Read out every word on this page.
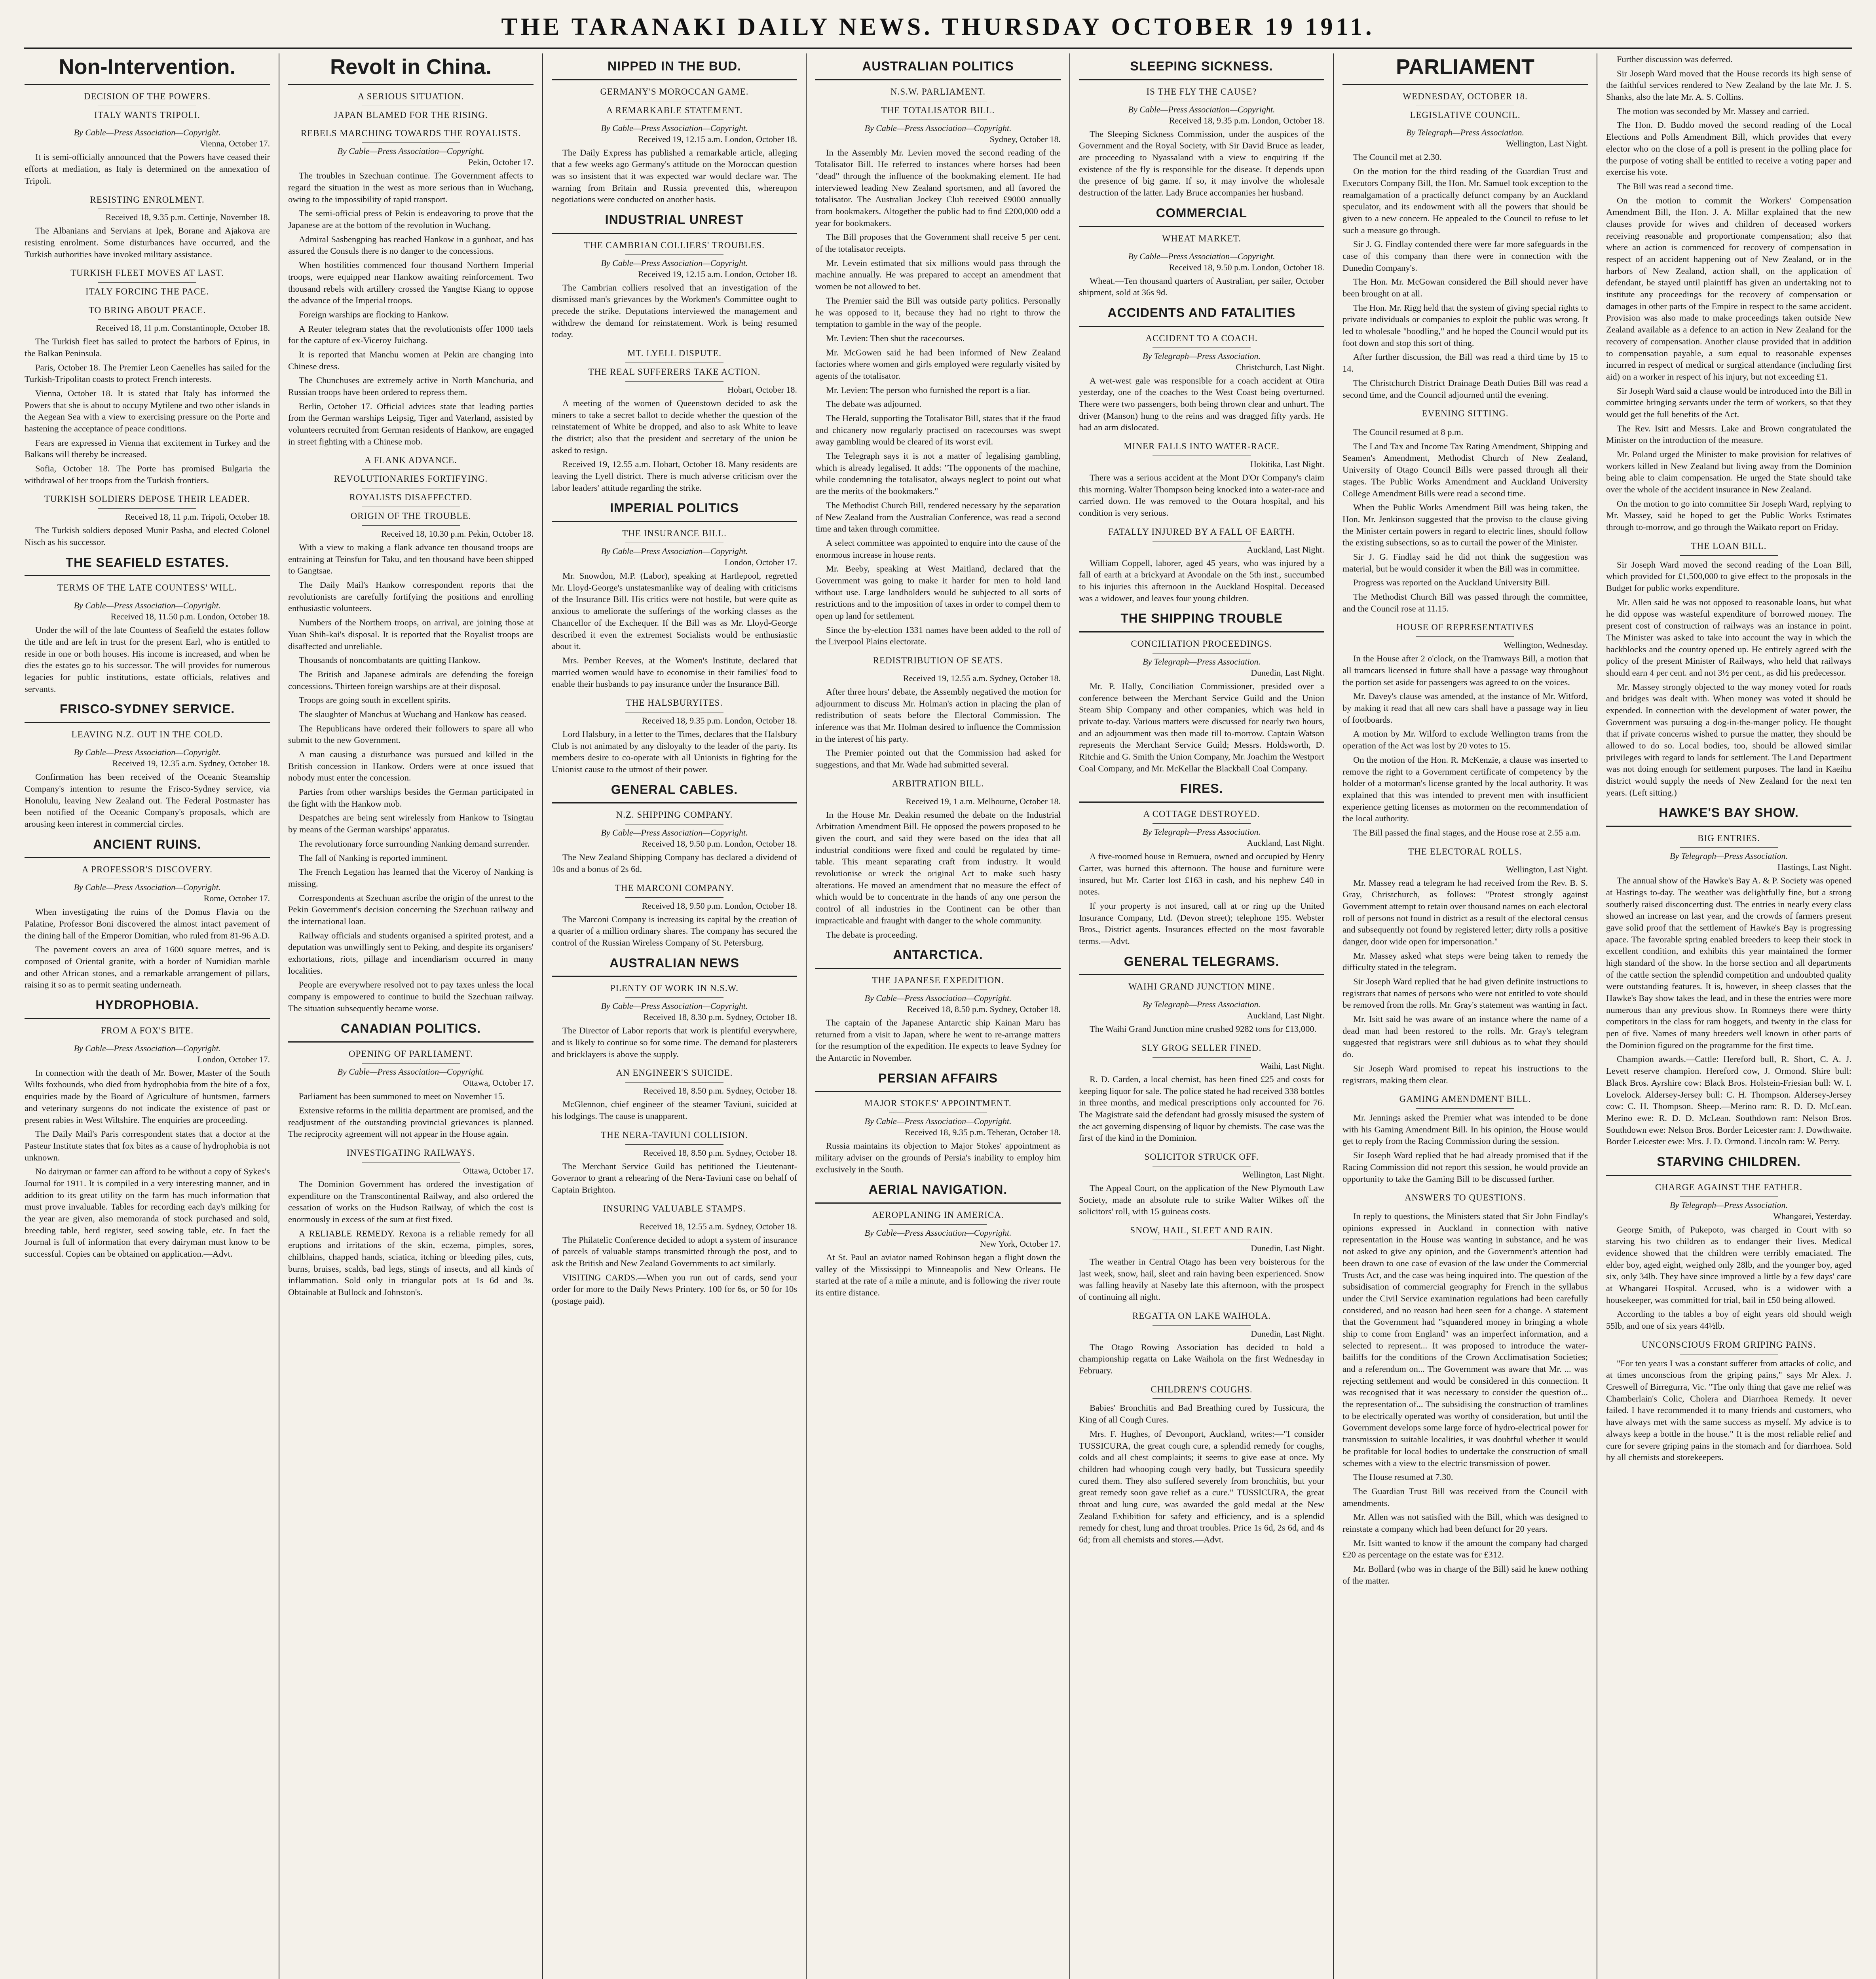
THE TARANAKI DAILY NEWS. THURSDAY OCTOBER 19 1911.
Non-Intervention.
DECISION OF THE POWERS.
ITALY WANTS TRIPOLI.
By Cable—Press Association—Copyright.
Vienna, October 17.

It is semi-officially announced that the Powers have ceased their efforts at mediation, as Italy is determined on the annexation of Tripoli.

RESISTING ENROLMENT.
Received 18, 9.35 p.m. Cettinje, November 18.

The Albanians and Servians at Ipek, Borane and Ajakova are resisting enrolment. Some disturbances have occurred, and the Turkish authorities have invoked military assistance.

TURKISH FLEET MOVES AT LAST.
ITALY FORCING THE PACE.
TO BRING ABOUT PEACE.
Received 18, 11 p.m. Constantinople, October 18.

The Turkish fleet has sailed to protect the harbors of Epirus, in the Balkan Peninsula.

Paris, October 18. The Premier Leon Caenelles has sailed for the Turkish-Tripolitan coasts to protect French interests.

Vienna, October 18. It is stated that Italy has informed the Powers that she is about to occupy Mytilene and two other islands in the Aegean Sea with a view to exercising pressure on the Porte and hastening the acceptance of peace conditions.

Fears are expressed in Vienna that excitement in Turkey and the Balkans will thereby be increased.

Sofia, October 18. The Porte has promised Bulgaria the withdrawal of her troops from the Turkish frontiers.

TURKISH SOLDIERS DEPOSE THEIR LEADER.
Received 18, 11 p.m. Tripoli, October 18.

The Turkish soldiers deposed Munir Pasha, and elected Colonel Nisch as his successor.

THE SEAFIELD ESTATES.
TERMS OF THE LATE COUNTESS' WILL.
By Cable—Press Association—Copyright.
Received 18, 11.50 p.m. London, October 18.

Under the will of the late Countess of Seafield the estates follow the title and are left in trust for the present Earl, who is entitled to reside in one or both houses. His income is increased, and when he dies the estates go to his successor. The will provides for numerous legacies for public institutions, estate officials, relatives and servants.

FRISCO-SYDNEY SERVICE.
LEAVING N.Z. OUT IN THE COLD.
By Cable—Press Association—Copyright.
Received 19, 12.35 a.m. Sydney, October 18.

Confirmation has been received of the Oceanic Steamship Company's intention to resume the Frisco-Sydney service, via Honolulu, leaving New Zealand out. The Federal Postmaster has been notified of the Oceanic Company's proposals, which are arousing keen interest in commercial circles.

ANCIENT RUINS.
A PROFESSOR'S DISCOVERY.
By Cable—Press Association—Copyright.
Rome, October 17.

When investigating the ruins of the Domus Flavia on the Palatine, Professor Boni discovered the almost intact pavement of the dining hall of the Emperor Domitian, who ruled from 81-96 A.D.

The pavement covers an area of 1600 square metres, and is composed of Oriental granite, with a border of Numidian marble and other African stones, and a remarkable arrangement of pillars, raising it so as to permit seating underneath.

HYDROPHOBIA.
FROM A FOX'S BITE.
By Cable—Press Association—Copyright.
London, October 17.

In connection with the death of Mr. Bower, Master of the South Wilts foxhounds, who died from hydrophobia from the bite of a fox, enquiries made by the Board of Agriculture of huntsmen, farmers and veterinary surgeons do not indicate the existence of past or present rabies in West Wiltshire. The enquiries are proceeding.

The Daily Mail's Paris correspondent states that a doctor at the Pasteur Institute states that fox bites as a cause of hydrophobia is not unknown.

No dairyman or farmer can afford to be without a copy of Sykes's Journal for 1911. It is compiled in a very interesting manner, and in addition to its great utility on the farm has much information that must prove invaluable. Tables for recording each day's milking for the year are given, also memoranda of stock purchased and sold, breeding table, herd register, seed sowing table, etc. In fact the Journal is full of information that every dairyman must know to be successful. Copies can be obtained on application.—Advt.

Revolt in China.
A SERIOUS SITUATION.
JAPAN BLAMED FOR THE RISING.
REBELS MARCHING TOWARDS THE ROYALISTS.
By Cable—Press Association—Copyright.
Pekin, October 17.

The troubles in Szechuan continue. The Government affects to regard the situation in the west as more serious than in Wuchang, owing to the impossibility of rapid transport.

The semi-official press of Pekin is endeavoring to prove that the Japanese are at the bottom of the revolution in Wuchang.

Admiral Sasbengping has reached Hankow in a gunboat, and has assured the Consuls there is no danger to the concessions.

When hostilities commenced four thousand Northern Imperial troops, were equipped near Hankow awaiting reinforcement. Two thousand rebels with artillery crossed the Yangtse Kiang to oppose the advance of the Imperial troops.

Foreign warships are flocking to Hankow.

A Reuter telegram states that the revolutionists offer 1000 taels for the capture of ex-Viceroy Juichang.

It is reported that Manchu women at Pekin are changing into Chinese dress.

The Chunchuses are extremely active in North Manchuria, and Russian troops have been ordered to repress them.

Berlin, October 17. Official advices state that leading parties from the German warships Leipsig, Tiger and Vaterland, assisted by volunteers recruited from German residents of Hankow, are engaged in street fighting with a Chinese mob.

A FLANK ADVANCE.
REVOLUTIONARIES FORTIFYING.
ROYALISTS DISAFFECTED.
ORIGIN OF THE TROUBLE.
Received 18, 10.30 p.m. Pekin, October 18.

With a view to making a flank advance ten thousand troops are entraining at Teinsfun for Taku, and ten thousand have been shipped to Gangtsae.

The Daily Mail's Hankow correspondent reports that the revolutionists are carefully fortifying the positions and enrolling enthusiastic volunteers.

Numbers of the Northern troops, on arrival, are joining those at Yuan Shih-kai's disposal. It is reported that the Royalist troops are disaffected and unreliable.

Thousands of noncombatants are quitting Hankow.

The British and Japanese admirals are defending the foreign concessions. Thirteen foreign warships are at their disposal.

Troops are going south in excellent spirits.

The slaughter of Manchus at Wuchang and Hankow has ceased.

The Republicans have ordered their followers to spare all who submit to the new Government.

A man causing a disturbance was pursued and killed in the British concession in Hankow. Orders were at once issued that nobody must enter the concession.

Parties from other warships besides the German participated in the fight with the Hankow mob.

Despatches are being sent wirelessly from Hankow to Tsingtau by means of the German warships' apparatus.

The revolutionary force surrounding Nanking demand surrender.

The fall of Nanking is reported imminent.

The French Legation has learned that the Viceroy of Nanking is missing.

Correspondents at Szechuan ascribe the origin of the unrest to the Pekin Government's decision concerning the Szechuan railway and the international loan.

Railway officials and students organised a spirited protest, and a deputation was unwillingly sent to Peking, and despite its organisers' exhortations, riots, pillage and incendiarism occurred in many localities.

People are everywhere resolved not to pay taxes unless the local company is empowered to continue to build the Szechuan railway. The situation subsequently became worse.

CANADIAN POLITICS.
OPENING OF PARLIAMENT.
By Cable—Press Association—Copyright.
Ottawa, October 17.

Parliament has been summoned to meet on November 15.

Extensive reforms in the militia department are promised, and the readjustment of the outstanding provincial grievances is planned. The reciprocity agreement will not appear in the House again.

INVESTIGATING RAILWAYS.
Ottawa, October 17.

The Dominion Government has ordered the investigation of expenditure on the Transcontinental Railway, and also ordered the cessation of works on the Hudson Railway, of which the cost is enormously in excess of the sum at first fixed.

A RELIABLE REMEDY. Rexona is a reliable remedy for all eruptions and irritations of the skin, eczema, pimples, sores, chilblains, chapped hands, sciatica, itching or bleeding piles, cuts, burns, bruises, scalds, bad legs, stings of insects, and all kinds of inflammation. Sold only in triangular pots at 1s 6d and 3s. Obtainable at Bullock and Johnston's.

NIPPED IN THE BUD.
GERMANY'S MOROCCAN GAME.
A REMARKABLE STATEMENT.
By Cable—Press Association—Copyright.
Received 19, 12.15 a.m. London, October 18.

The Daily Express has published a remarkable article, alleging that a few weeks ago Germany's attitude on the Moroccan question was so insistent that it was expected war would declare war. The warning from Britain and Russia prevented this, whereupon negotiations were conducted on another basis.

INDUSTRIAL UNREST
THE CAMBRIAN COLLIERS' TROUBLES.
By Cable—Press Association—Copyright.
Received 19, 12.15 a.m. London, October 18.

The Cambrian colliers resolved that an investigation of the dismissed man's grievances by the Workmen's Committee ought to precede the strike. Deputations interviewed the management and withdrew the demand for reinstatement. Work is being resumed today.

MT. LYELL DISPUTE.
THE REAL SUFFERERS TAKE ACTION.
Hobart, October 18.

A meeting of the women of Queenstown decided to ask the miners to take a secret ballot to decide whether the question of the reinstatement of White be dropped, and also to ask White to leave the district; also that the president and secretary of the union be asked to resign.

Received 19, 12.55 a.m. Hobart, October 18. Many residents are leaving the Lyell district. There is much adverse criticism over the labor leaders' attitude regarding the strike.

IMPERIAL POLITICS
THE INSURANCE BILL.
By Cable—Press Association—Copyright.
London, October 17.

Mr. Snowdon, M.P. (Labor), speaking at Hartlepool, regretted Mr. Lloyd-George's unstatesmanlike way of dealing with criticisms of the Insurance Bill. His critics were not hostile, but were quite as anxious to ameliorate the sufferings of the working classes as the Chancellor of the Exchequer. If the Bill was as Mr. Lloyd-George described it even the extremest Socialists would be enthusiastic about it.

Mrs. Pember Reeves, at the Women's Institute, declared that married women would have to economise in their families' food to enable their husbands to pay insurance under the Insurance Bill.

THE HALSBURYITES.
Received 18, 9.35 p.m. London, October 18.

Lord Halsbury, in a letter to the Times, declares that the Halsbury Club is not animated by any disloyalty to the leader of the party. Its members desire to co-operate with all Unionists in fighting for the Unionist cause to the utmost of their power.

GENERAL CABLES.
N.Z. SHIPPING COMPANY.
By Cable—Press Association—Copyright.
Received 18, 9.50 p.m. London, October 18.

The New Zealand Shipping Company has declared a dividend of 10s and a bonus of 2s 6d.

THE MARCONI COMPANY.
Received 18, 9.50 p.m. London, October 18.

The Marconi Company is increasing its capital by the creation of a quarter of a million ordinary shares. The company has secured the control of the Russian Wireless Company of St. Petersburg.

AUSTRALIAN NEWS
PLENTY OF WORK IN N.S.W.
By Cable—Press Association—Copyright.
Received 18, 8.30 p.m. Sydney, October 18.

The Director of Labor reports that work is plentiful everywhere, and is likely to continue so for some time. The demand for plasterers and bricklayers is above the supply.

AN ENGINEER'S SUICIDE.
Received 18, 8.50 p.m. Sydney, October 18.

McGlennon, chief engineer of the steamer Taviuni, suicided at his lodgings. The cause is unapparent.

THE NERA-TAVIUNI COLLISION.
Received 18, 8.50 p.m. Sydney, October 18.

The Merchant Service Guild has petitioned the Lieutenant-Governor to grant a rehearing of the Nera-Taviuni case on behalf of Captain Brighton.

INSURING VALUABLE STAMPS.
Received 18, 12.55 a.m. Sydney, October 18.

The Philatelic Conference decided to adopt a system of insurance of parcels of valuable stamps transmitted through the post, and to ask the British and New Zealand Governments to act similarly.

VISITING CARDS.—When you run out of cards, send your order for more to the Daily News Printery. 100 for 6s, or 50 for 10s (postage paid).

AUSTRALIAN POLITICS
N.S.W. PARLIAMENT.
THE TOTALISATOR BILL.
By Cable—Press Association—Copyright.
Sydney, October 18.

In the Assembly Mr. Levien moved the second reading of the Totalisator Bill. He referred to instances where horses had been "dead" through the influence of the bookmaking element. He had interviewed leading New Zealand sportsmen, and all favored the totalisator. The Australian Jockey Club received £9000 annually from bookmakers. Altogether the public had to find £200,000 odd a year for bookmakers.

The Bill proposes that the Government shall receive 5 per cent. of the totalisator receipts.

Mr. Levein estimated that six millions would pass through the machine annually. He was prepared to accept an amendment that women be not allowed to bet.

The Premier said the Bill was outside party politics. Personally he was opposed to it, because they had no right to throw the temptation to gamble in the way of the people.

Mr. Levien: Then shut the racecourses.

Mr. McGowen said he had been informed of New Zealand factories where women and girls employed were regularly visited by agents of the totalisator.

Mr. Levien: The person who furnished the report is a liar.

The debate was adjourned.

The Herald, supporting the Totalisator Bill, states that if the fraud and chicanery now regularly practised on racecourses was swept away gambling would be cleared of its worst evil.

The Telegraph says it is not a matter of legalising gambling, which is already legalised. It adds: "The opponents of the machine, while condemning the totalisator, always neglect to point out what are the merits of the bookmakers."

The Methodist Church Bill, rendered necessary by the separation of New Zealand from the Australian Conference, was read a second time and taken through committee.

A select committee was appointed to enquire into the cause of the enormous increase in house rents.

Mr. Beeby, speaking at West Maitland, declared that the Government was going to make it harder for men to hold land without use. Large landholders would be subjected to all sorts of restrictions and to the imposition of taxes in order to compel them to open up land for settlement.

Since the by-election 1331 names have been added to the roll of the Liverpool Plains electorate.

REDISTRIBUTION OF SEATS.
Received 19, 12.55 a.m. Sydney, October 18.

After three hours' debate, the Assembly negatived the motion for adjournment to discuss Mr. Holman's action in placing the plan of redistribution of seats before the Electoral Commission. The inference was that Mr. Holman desired to influence the Commission in the interest of his party.

The Premier pointed out that the Commission had asked for suggestions, and that Mr. Wade had submitted several.

ARBITRATION BILL.
Received 19, 1 a.m. Melbourne, October 18.

In the House Mr. Deakin resumed the debate on the Industrial Arbitration Amendment Bill. He opposed the powers proposed to be given the court, and said they were based on the idea that all industrial conditions were fixed and could be regulated by time-table. This meant separating craft from industry. It would revolutionise or wreck the original Act to make such hasty alterations. He moved an amendment that no measure the effect of which would be to concentrate in the hands of any one person the control of all industries in the Continent can be other than impracticable and fraught with danger to the whole community.

The debate is proceeding.

ANTARCTICA.
THE JAPANESE EXPEDITION.
By Cable—Press Association—Copyright.
Received 18, 8.50 p.m. Sydney, October 18.

The captain of the Japanese Antarctic ship Kainan Maru has returned from a visit to Japan, where he went to re-arrange matters for the resumption of the expedition. He expects to leave Sydney for the Antarctic in November.

PERSIAN AFFAIRS
MAJOR STOKES' APPOINTMENT.
By Cable—Press Association—Copyright.
Received 18, 9.35 p.m. Teheran, October 18.

Russia maintains its objection to Major Stokes' appointment as military adviser on the grounds of Persia's inability to employ him exclusively in the South.

AERIAL NAVIGATION.
AEROPLANING IN AMERICA.
By Cable—Press Association—Copyright.
New York, October 17.

At St. Paul an aviator named Robinson began a flight down the valley of the Mississippi to Minneapolis and New Orleans. He started at the rate of a mile a minute, and is following the river route its entire distance.

SLEEPING SICKNESS.
IS THE FLY THE CAUSE?
By Cable—Press Association—Copyright.
Received 18, 9.35 p.m. London, October 18.

The Sleeping Sickness Commission, under the auspices of the Government and the Royal Society, with Sir David Bruce as leader, are proceeding to Nyassaland with a view to enquiring if the existence of the fly is responsible for the disease. It depends upon the presence of big game. If so, it may involve the wholesale destruction of the latter. Lady Bruce accompanies her husband.

COMMERCIAL
WHEAT MARKET.
By Cable—Press Association—Copyright.
Received 18, 9.50 p.m. London, October 18.

Wheat.—Ten thousand quarters of Australian, per sailer, October shipment, sold at 36s 9d.

ACCIDENTS AND FATALITIES
ACCIDENT TO A COACH.
By Telegraph—Press Association.
Christchurch, Last Night.

A wet-west gale was responsible for a coach accident at Otira yesterday, one of the coaches to the West Coast being overturned. There were two passengers, both being thrown clear and unhurt. The driver (Manson) hung to the reins and was dragged fifty yards. He had an arm dislocated.

MINER FALLS INTO WATER-RACE.
Hokitika, Last Night.

There was a serious accident at the Mont D'Or Company's claim this morning. Walter Thompson being knocked into a water-race and carried down. He was removed to the Ootara hospital, and his condition is very serious.

FATALLY INJURED BY A FALL OF EARTH.
Auckland, Last Night.

William Coppell, laborer, aged 45 years, who was injured by a fall of earth at a brickyard at Avondale on the 5th inst., succumbed to his injuries this afternoon in the Auckland Hospital. Deceased was a widower, and leaves four young children.

THE SHIPPING TROUBLE
CONCILIATION PROCEEDINGS.
By Telegraph—Press Association.
Dunedin, Last Night.

Mr. P. Hally, Conciliation Commissioner, presided over a conference between the Merchant Service Guild and the Union Steam Ship Company and other companies, which was held in private to-day. Various matters were discussed for nearly two hours, and an adjournment was then made till to-morrow. Captain Watson represents the Merchant Service Guild; Messrs. Holdsworth, D. Ritchie and G. Smith the Union Company, Mr. Joachim the Westport Coal Company, and Mr. McKellar the Blackball Coal Company.

FIRES.
A COTTAGE DESTROYED.
By Telegraph—Press Association.
Auckland, Last Night.

A five-roomed house in Remuera, owned and occupied by Henry Carter, was burned this afternoon. The house and furniture were insured, but Mr. Carter lost £163 in cash, and his nephew £40 in notes.

If your property is not insured, call at or ring up the United Insurance Company, Ltd. (Devon street); telephone 195. Webster Bros., District agents. Insurances effected on the most favorable terms.—Advt.

GENERAL TELEGRAMS.
WAIHI GRAND JUNCTION MINE.
By Telegraph—Press Association.
Auckland, Last Night.

The Waihi Grand Junction mine crushed 9282 tons for £13,000.

SLY GROG SELLER FINED.
Waihi, Last Night.

R. D. Carden, a local chemist, has been fined £25 and costs for keeping liquor for sale. The police stated he had received 338 bottles in three months, and medical prescriptions only accounted for 76. The Magistrate said the defendant had grossly misused the system of the act governing dispensing of liquor by chemists. The case was the first of the kind in the Dominion.

SOLICITOR STRUCK OFF.
Wellington, Last Night.

The Appeal Court, on the application of the New Plymouth Law Society, made an absolute rule to strike Walter Wilkes off the solicitors' roll, with 15 guineas costs.

SNOW, HAIL, SLEET AND RAIN.
Dunedin, Last Night.

The weather in Central Otago has been very boisterous for the last week, snow, hail, sleet and rain having been experienced. Snow was falling heavily at Naseby late this afternoon, with the prospect of continuing all night.

REGATTA ON LAKE WAIHOLA.
Dunedin, Last Night.

The Otago Rowing Association has decided to hold a championship regatta on Lake Waihola on the first Wednesday in February.

CHILDREN'S COUGHS.

Babies' Bronchitis and Bad Breathing cured by Tussicura, the King of all Cough Cures.

Mrs. F. Hughes, of Devonport, Auckland, writes:—"I consider TUSSICURA, the great cough cure, a splendid remedy for coughs, colds and all chest complaints; it seems to give ease at once. My children had whooping cough very badly, but Tussicura speedily cured them. They also suffered severely from bronchitis, but your great remedy soon gave relief as a cure." TUSSICURA, the great throat and lung cure, was awarded the gold medal at the New Zealand Exhibition for safety and efficiency, and is a splendid remedy for chest, lung and throat troubles. Price 1s 6d, 2s 6d, and 4s 6d; from all chemists and stores.—Advt.

PARLIAMENT
WEDNESDAY, OCTOBER 18.
LEGISLATIVE COUNCIL.
By Telegraph—Press Association.
Wellington, Last Night.

The Council met at 2.30.

On the motion for the third reading of the Guardian Trust and Executors Company Bill, the Hon. Mr. Samuel took exception to the reamalgamation of a practically defunct company by an Auckland speculator, and its endowment with all the powers that should be given to a new concern. He appealed to the Council to refuse to let such a measure go through.

Sir J. G. Findlay contended there were far more safeguards in the case of this company than there were in connection with the Dunedin Company's.

The Hon. Mr. McGowan considered the Bill should never have been brought on at all.

The Hon. Mr. Rigg held that the system of giving special rights to private individuals or companies to exploit the public was wrong. It led to wholesale "boodling," and he hoped the Council would put its foot down and stop this sort of thing.

After further discussion, the Bill was read a third time by 15 to 14.

The Christchurch District Drainage Death Duties Bill was read a second time, and the Council adjourned until the evening.

EVENING SITTING.

The Council resumed at 8 p.m.

The Land Tax and Income Tax Rating Amendment, Shipping and Seamen's Amendment, Methodist Church of New Zealand, University of Otago Council Bills were passed through all their stages. The Public Works Amendment and Auckland University College Amendment Bills were read a second time.

When the Public Works Amendment Bill was being taken, the Hon. Mr. Jenkinson suggested that the proviso to the clause giving the Minister certain powers in regard to electric lines, should follow the existing subsections, so as to curtail the power of the Minister.

Sir J. G. Findlay said he did not think the suggestion was material, but he would consider it when the Bill was in committee.

Progress was reported on the Auckland University Bill.

The Methodist Church Bill was passed through the committee, and the Council rose at 11.15.

HOUSE OF REPRESENTATIVES
Wellington, Wednesday.

In the House after 2 o'clock, on the Tramways Bill, a motion that all tramcars licensed in future shall have a passage way throughout the portion set aside for passengers was agreed to on the voices.

Mr. Davey's clause was amended, at the instance of Mr. Witford, by making it read that all new cars shall have a passage way in lieu of footboards.

A motion by Mr. Wilford to exclude Wellington trams from the operation of the Act was lost by 20 votes to 15.

On the motion of the Hon. R. McKenzie, a clause was inserted to remove the right to a Government certificate of competency by the holder of a motorman's license granted by the local authority. It was explained that this was intended to prevent men with insufficient experience getting licenses as motormen on the recommendation of the local authority.

The Bill passed the final stages, and the House rose at 2.55 a.m.

THE ELECTORAL ROLLS.
Wellington, Last Night.

Mr. Massey read a telegram he had received from the Rev. B. S. Gray, Christchurch, as follows: "Protest strongly against Government attempt to retain over thousand names on each electoral roll of persons not found in district as a result of the electoral census and subsequently not found by registered letter; dirty rolls a positive danger, door wide open for impersonation."

Mr. Massey asked what steps were being taken to remedy the difficulty stated in the telegram.

Sir Joseph Ward replied that he had given definite instructions to registrars that names of persons who were not entitled to vote should be removed from the rolls. Mr. Gray's statement was wanting in fact.

Mr. Isitt said he was aware of an instance where the name of a dead man had been restored to the rolls. Mr. Gray's telegram suggested that registrars were still dubious as to what they should do.

Sir Joseph Ward promised to repeat his instructions to the registrars, making them clear.

GAMING AMENDMENT BILL.

Mr. Jennings asked the Premier what was intended to be done with his Gaming Amendment Bill. In his opinion, the House would get to reply from the Racing Commission during the session.

Sir Joseph Ward replied that he had already promised that if the Racing Commission did not report this session, he would provide an opportunity to take the Gaming Bill to be discussed further.

ANSWERS TO QUESTIONS.

In reply to questions, the Ministers stated that Sir John Findlay's opinions expressed in Auckland in connection with native representation in the House was wanting in substance, and he was not asked to give any opinion, and the Government's attention had been drawn to one case of evasion of the law under the Commercial Trusts Act, and the case was being inquired into. The question of the subsidisation of commercial geography for French in the syllabus under the Civil Service examination regulations had been carefully considered, and no reason had been seen for a change. A statement that the Government had "squandered money in bringing a whole ship to come from England" was an imperfect information, and a selected to represent... It was proposed to introduce the water-bailiffs for the conditions of the Crown Acclimatisation Societies; and a referendum on... The Government was aware that Mr. ... was rejecting settlement and would be considered in this connection. It was recognised that it was necessary to consider the question of... the representation of... The subsidising the construction of tramlines to be electrically operated was worthy of consideration, but until the Government develops some large force of hydro-electrical power for transmission to suitable localities, it was doubtful whether it would be profitable for local bodies to undertake the construction of small schemes with a view to the electric transmission of power.

The House resumed at 7.30.

The Guardian Trust Bill was received from the Council with amendments.

Mr. Allen was not satisfied with the Bill, which was designed to reinstate a company which had been defunct for 20 years.

Mr. Isitt wanted to know if the amount the company had charged £20 as percentage on the estate was for £312.

Mr. Bollard (who was in charge of the Bill) said he knew nothing of the matter.

Further discussion was deferred.

Sir Joseph Ward moved that the House records its high sense of the faithful services rendered to New Zealand by the late Mr. J. S. Shanks, also the late Mr. A. S. Collins.

The motion was seconded by Mr. Massey and carried.

The Hon. D. Buddo moved the second reading of the Local Elections and Polls Amendment Bill, which provides that every elector who on the close of a poll is present in the polling place for the purpose of voting shall be entitled to receive a voting paper and exercise his vote.

The Bill was read a second time.

On the motion to commit the Workers' Compensation Amendment Bill, the Hon. J. A. Millar explained that the new clauses provide for wives and children of deceased workers receiving reasonable and proportionate compensation; also that where an action is commenced for recovery of compensation in respect of an accident happening out of New Zealand, or in the harbors of New Zealand, action shall, on the application of defendant, be stayed until plaintiff has given an undertaking not to institute any proceedings for the recovery of compensation or damages in other parts of the Empire in respect to the same accident. Provision was also made to make proceedings taken outside New Zealand available as a defence to an action in New Zealand for the recovery of compensation. Another clause provided that in addition to compensation payable, a sum equal to reasonable expenses incurred in respect of medical or surgical attendance (including first aid) on a worker in respect of his injury, but not exceeding £1.

Sir Joseph Ward said a clause would be introduced into the Bill in committee bringing servants under the term of workers, so that they would get the full benefits of the Act.

The Rev. Isitt and Messrs. Lake and Brown congratulated the Minister on the introduction of the measure.

Mr. Poland urged the Minister to make provision for relatives of workers killed in New Zealand but living away from the Dominion being able to claim compensation. He urged the State should take over the whole of the accident insurance in New Zealand.

On the motion to go into committee Sir Joseph Ward, replying to Mr. Massey, said he hoped to get the Public Works Estimates through to-morrow, and go through the Waikato report on Friday.

THE LOAN BILL.

Sir Joseph Ward moved the second reading of the Loan Bill, which provided for £1,500,000 to give effect to the proposals in the Budget for public works expenditure.

Mr. Allen said he was not opposed to reasonable loans, but what he did oppose was wasteful expenditure of borrowed money. The present cost of construction of railways was an instance in point. The Minister was asked to take into account the way in which the backblocks and the country opened up. He entirely agreed with the policy of the present Minister of Railways, who held that railways should earn 4 per cent. and not 3½ per cent., as did his predecessor.

Mr. Massey strongly objected to the way money voted for roads and bridges was dealt with. When money was voted it should be expended. In connection with the development of water power, the Government was pursuing a dog-in-the-manger policy. He thought that if private concerns wished to pursue the matter, they should be allowed to do so. Local bodies, too, should be allowed similar privileges with regard to lands for settlement. The Land Department was not doing enough for settlement purposes. The land in Kaeihu district would supply the needs of New Zealand for the next ten years. (Left sitting.)

HAWKE'S BAY SHOW.
BIG ENTRIES.
By Telegraph—Press Association.
Hastings, Last Night.

The annual show of the Hawke's Bay A. & P. Society was opened at Hastings to-day. The weather was delightfully fine, but a strong southerly raised disconcerting dust. The entries in nearly every class showed an increase on last year, and the crowds of farmers present gave solid proof that the settlement of Hawke's Bay is progressing apace. The favorable spring enabled breeders to keep their stock in excellent condition, and exhibits this year maintained the former high standard of the show. In the horse section and all departments of the cattle section the splendid competition and undoubted quality were outstanding features. It is, however, in sheep classes that the Hawke's Bay show takes the lead, and in these the entries were more numerous than any previous show. In Romneys there were thirty competitors in the class for ram hoggets, and twenty in the class for pen of five. Names of many breeders well known in other parts of the Dominion figured on the programme for the first time.

Champion awards.—Cattle: Hereford bull, R. Short, C. A. J. Levett reserve champion. Hereford cow, J. Ormond. Shire bull: Black Bros. Ayrshire cow: Black Bros. Holstein-Friesian bull: W. I. Lovelock. Aldersey-Jersey bull: C. H. Thompson. Aldersey-Jersey cow: C. H. Thompson. Sheep.—Merino ram: R. D. D. McLean. Merino ewe: R. D. D. McLean. Southdown ram: Nelson Bros. Southdown ewe: Nelson Bros. Border Leicester ram: J. Dowthwaite. Border Leicester ewe: Mrs. J. D. Ormond. Lincoln ram: W. Perry.

STARVING CHILDREN.
CHARGE AGAINST THE FATHER.
By Telegraph—Press Association.
Whangarei, Yesterday.

George Smith, of Pukepoto, was charged in Court with so starving his two children as to endanger their lives. Medical evidence showed that the children were terribly emaciated. The elder boy, aged eight, weighed only 28lb, and the younger boy, aged six, only 34lb. They have since improved a little by a few days' care at Whangarei Hospital. Accused, who is a widower with a housekeeper, was committed for trial, bail in £50 being allowed.

According to the tables a boy of eight years old should weigh 55lb, and one of six years 44½lb.

UNCONSCIOUS FROM GRIPING PAINS.

"For ten years I was a constant sufferer from attacks of colic, and at times unconscious from the griping pains," says Mr Alex. J. Creswell of Birregurra, Vic. "The only thing that gave me relief was Chamberlain's Colic, Cholera and Diarrhoea Remedy. It never failed. I have recommended it to many friends and customers, who have always met with the same success as myself. My advice is to always keep a bottle in the house." It is the most reliable relief and cure for severe griping pains in the stomach and for diarrhoea. Sold by all chemists and storekeepers.
